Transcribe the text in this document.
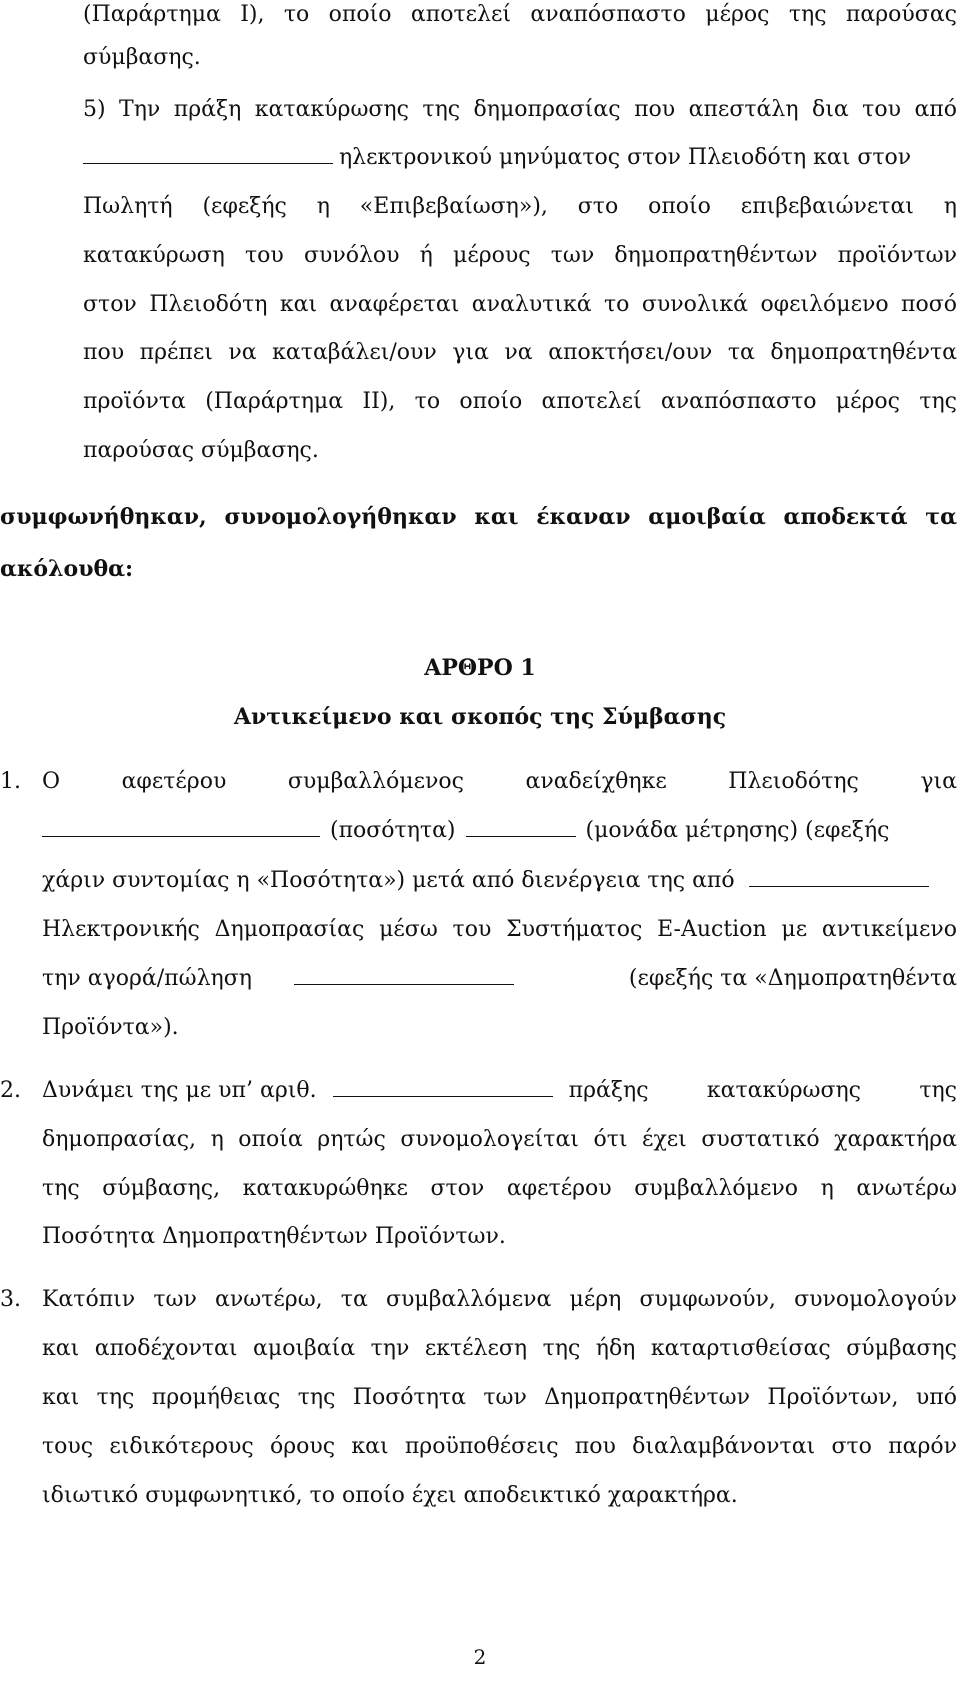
(Παράρτημα Ι), το οποίο αποτελεί αναπόσπαστο μέρος της παρούσας
σύμβασης.
5) Την πράξη κατακύρωσης της δημοπρασίας που απεστάλη δια του από
ηλεκτρονικού μηνύματος στον Πλειοδότη και στον
Πωλητή (εφεξής η «Επιβεβαίωση»), στο οποίο επιβεβαιώνεται η
κατακύρωση του συνόλου ή μέρους των δημοπρατηθέντων προϊόντων
στον Πλειοδότη και αναφέρεται αναλυτικά το συνολικά οφειλόμενο ποσό
που πρέπει να καταβάλει/ουν για να αποκτήσει/ουν τα δημοπρατηθέντα
προϊόντα (Παράρτημα ΙΙ), το οποίο αποτελεί αναπόσπαστο μέρος της
παρούσας σύμβασης.
συμφωνήθηκαν, συνομολογήθηκαν και έκαναν αμοιβαία αποδεκτά τα
ακόλουθα:
ΑΡΘΡΟ 1
Αντικείμενο και σκοπός της Σύμβασης
1. Ο αφετέρου συμβαλλόμενος αναδείχθηκε Πλειοδότης για
(ποσότητα)	(μονάδα μέτρησης) (εφεξής
χάριν συντομίας η «Ποσότητα») μετά από διενέργεια της από
Ηλεκτρονικής Δημοπρασίας μέσω του Συστήματος E-Auction με αντικείμενο
την αγορά/πώληση	(εφεξής τα «Δημοπρατηθέντα
Προϊόντα»).
2. Δυνάμει της με υπ’ αριθ.	πράξης κατακύρωσης της
δημοπρασίας, η οποία ρητώς συνομολογείται ότι έχει συστατικό χαρακτήρα
της σύμβασης, κατακυρώθηκε στον αφετέρου συμβαλλόμενο η ανωτέρω
Ποσότητα Δημοπρατηθέντων Προϊόντων.
3. Κατόπιν των ανωτέρω, τα συμβαλλόμενα μέρη συμφωνούν, συνομολογούν
και αποδέχονται αμοιβαία την εκτέλεση της ήδη καταρτισθείσας σύμβασης
και της προμήθειας της Ποσότητα των Δημοπρατηθέντων Προϊόντων, υπό
τους ειδικότερους όρους και προϋποθέσεις που διαλαμβάνονται στο παρόν
ιδιωτικό συμφωνητικό, το οποίο έχει αποδεικτικό χαρακτήρα.
2
